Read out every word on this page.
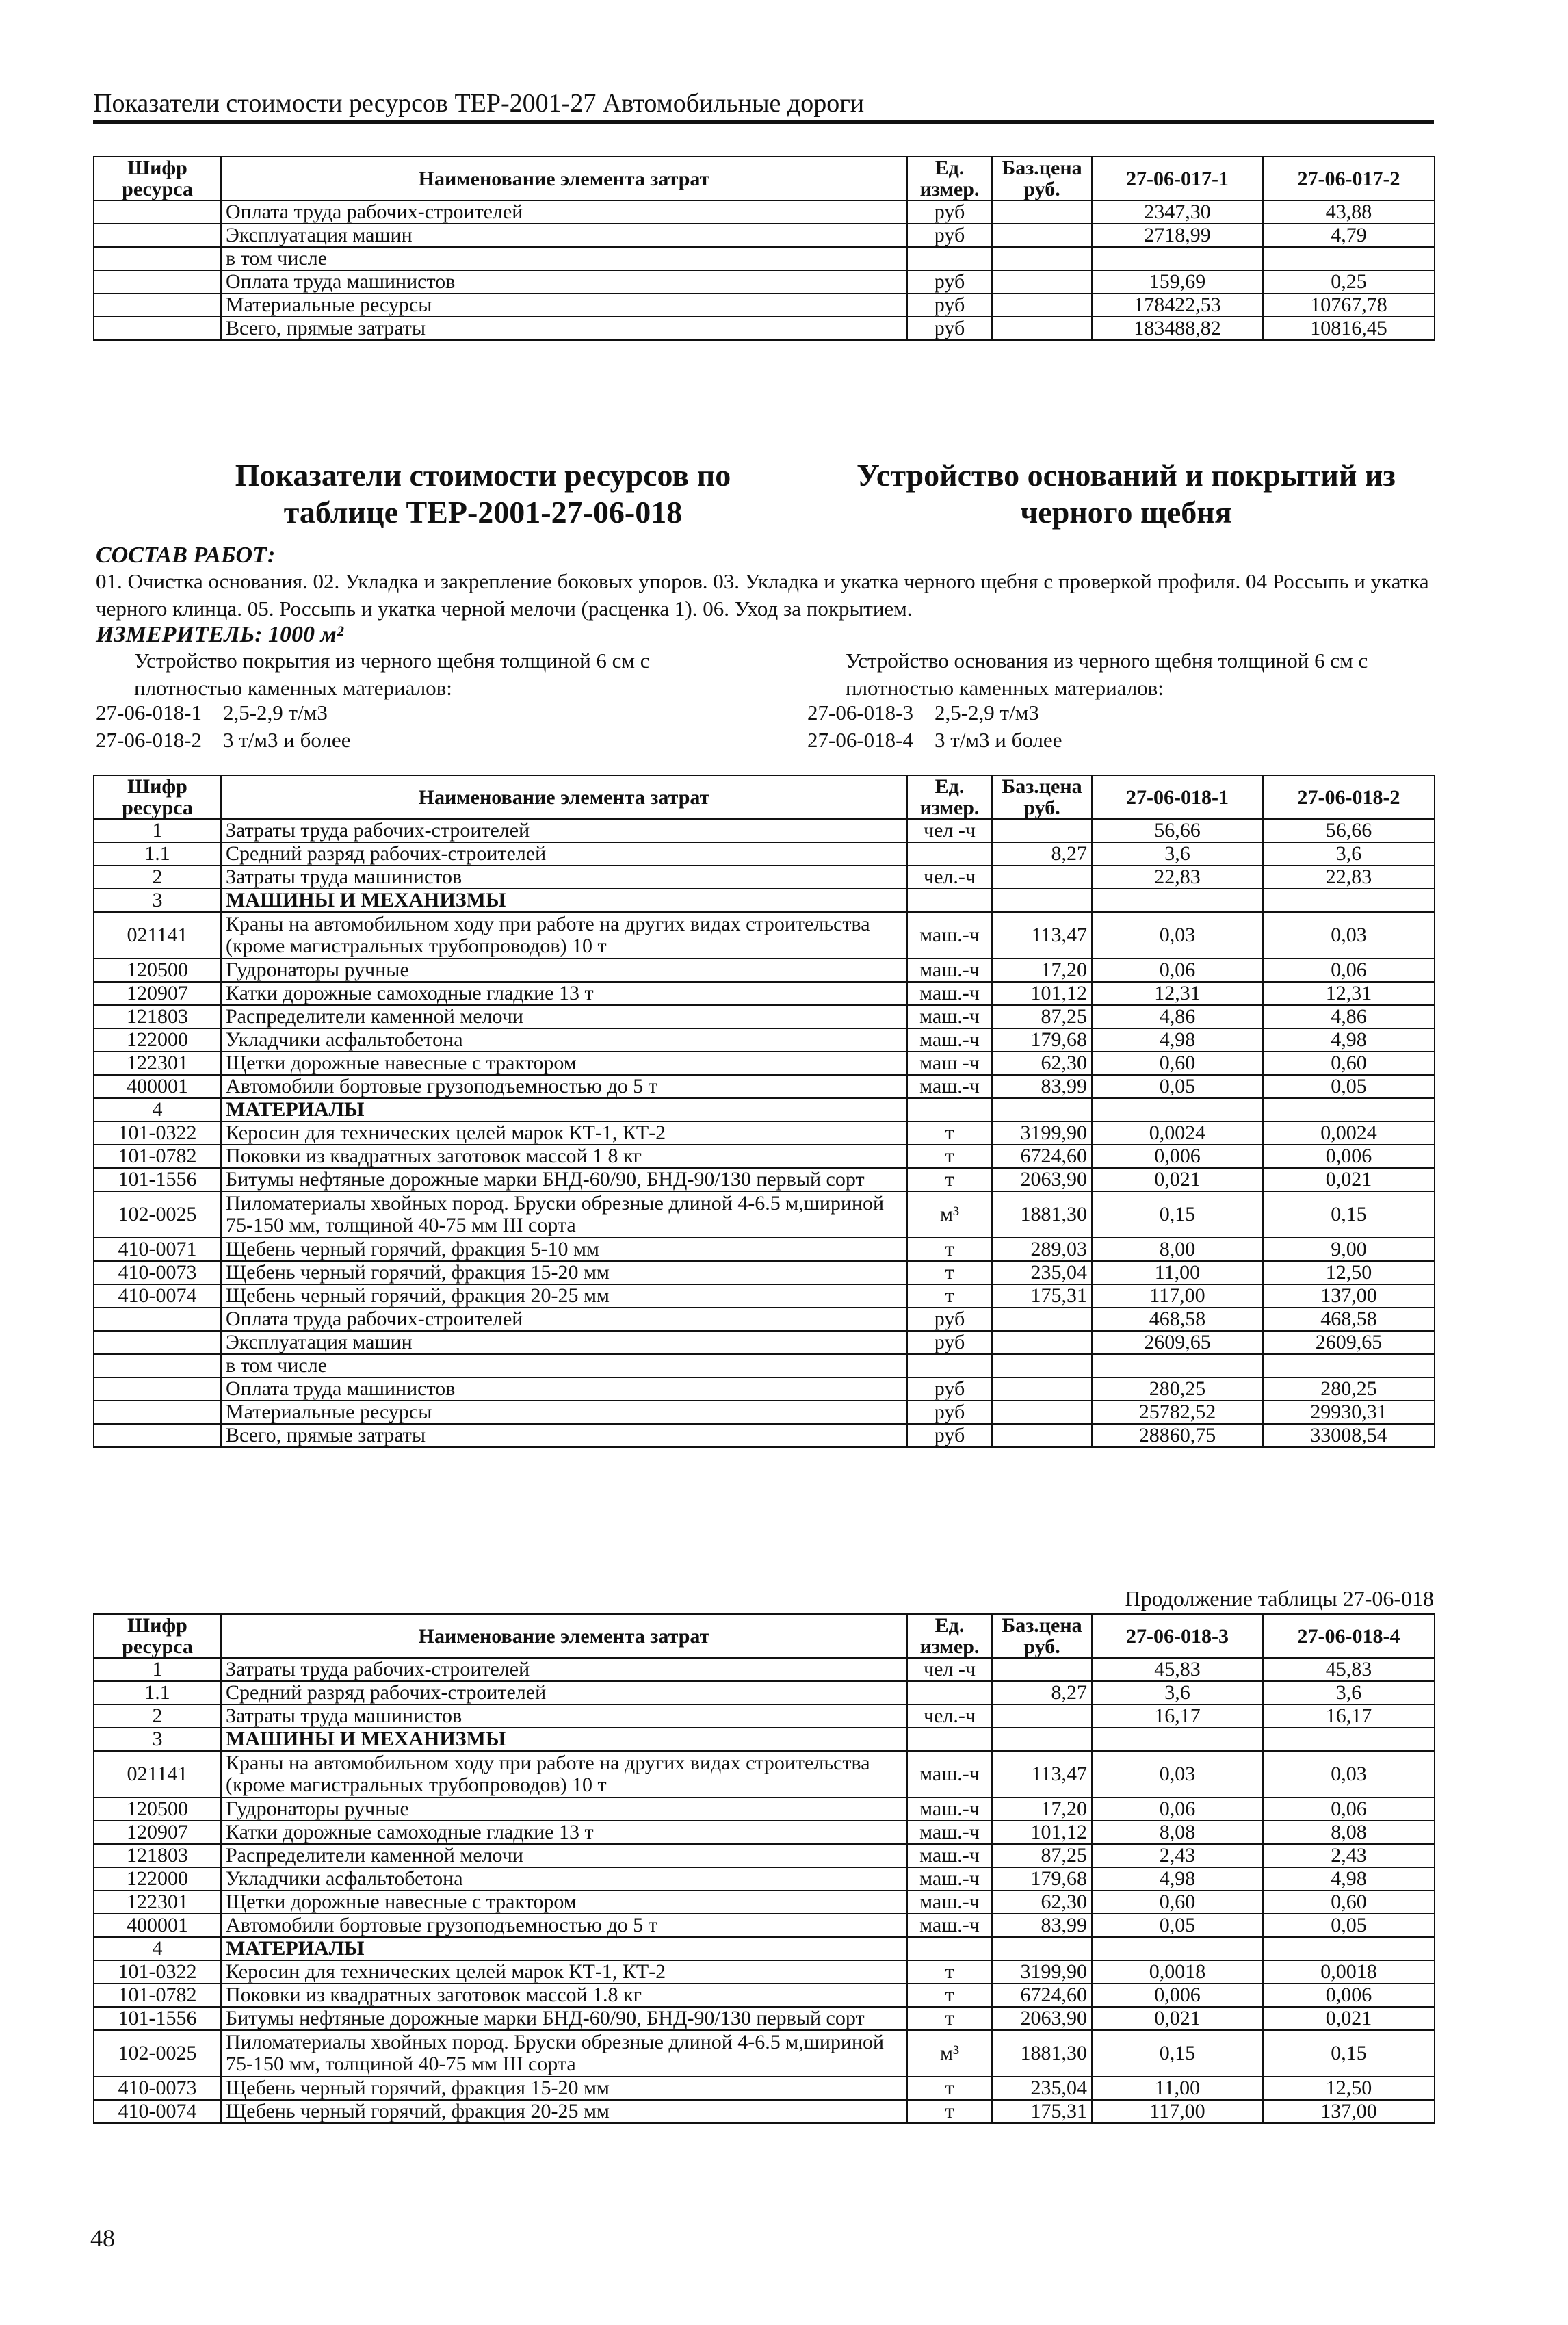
Показатели стоимости ресурсов ТЕР-2001-27 Автомобильные дороги
Шифр ресурса	Наименование элемента затрат	Ед. измер.	Баз.цена руб.	27-06-017-1	27-06-017-2
	Оплата труда рабочих-строителей	руб		2347,30	43,88
	Эксплуатация машин	руб		2718,99	4,79
	в том числе				
	Оплата труда машинистов	руб		159,69	0,25
	Материальные ресурсы	руб		178422,53	10767,78
	Всего, прямые затраты	руб		183488,82	10816,45
Показатели стоимости ресурсов по таблице ТЕР-2001-27-06-018
Устройство оснований и покрытий из черного щебня
СОСТАВ РАБОТ:
01. Очистка основания. 02. Укладка и закрепление боковых упоров. 03. Укладка и укатка черного щебня с проверкой профиля. 04 Россыпь и укатка черного клинца. 05. Россыпь и укатка черной мелочи (расценка 1). 06. Уход за покрытием.
ИЗМЕРИТЕЛЬ: 1000 м²
Устройство покрытия из черного щебня толщиной 6 см с плотностью каменных материалов:
Устройство основания из черного щебня толщиной 6 см с плотностью каменных материалов:
27-06-018-1 2,5-2,9 т/м3
27-06-018-2 3 т/м3 и более
27-06-018-3 2,5-2,9 т/м3
27-06-018-4 3 т/м3 и более
Шифр ресурса	Наименование элемента затрат	Ед. измер.	Баз.цена руб.	27-06-018-1	27-06-018-2
1	Затраты труда рабочих-строителей	чел -ч		56,66	56,66
1.1	Средний разряд рабочих-строителей		8,27	3,6	3,6
2	Затраты труда машинистов	чел.-ч		22,83	22,83
3	МАШИНЫ И МЕХАНИЗМЫ				
021141	Краны на автомобильном ходу при работе на других видах строительства (кроме магистральных трубопроводов) 10 т	маш.-ч	113,47	0,03	0,03
120500	Гудронаторы ручные	маш.-ч	17,20	0,06	0,06
120907	Катки дорожные самоходные гладкие 13 т	маш.-ч	101,12	12,31	12,31
121803	Распределители каменной мелочи	маш.-ч	87,25	4,86	4,86
122000	Укладчики асфальтобетона	маш.-ч	179,68	4,98	4,98
122301	Щетки дорожные навесные с трактором	маш -ч	62,30	0,60	0,60
400001	Автомобили бортовые грузоподъемностью до 5 т	маш.-ч	83,99	0,05	0,05
4	МАТЕРИАЛЫ				
101-0322	Керосин для технических целей марок КТ-1, КТ-2	т	3199,90	0,0024	0,0024
101-0782	Поковки из квадратных заготовок массой 1 8 кг	т	6724,60	0,006	0,006
101-1556	Битумы нефтяные дорожные марки БНД-60/90, БНД-90/130 первый сорт	т	2063,90	0,021	0,021
102-0025	Пиломатериалы хвойных пород. Бруски обрезные длиной 4-6.5 м,шириной 75-150 мм, толщиной 40-75 мм III сорта	м³	1881,30	0,15	0,15
410-0071	Щебень черный горячий, фракция 5-10 мм	т	289,03	8,00	9,00
410-0073	Щебень черный горячий, фракция 15-20 мм	т	235,04	11,00	12,50
410-0074	Щебень черный горячий, фракция 20-25 мм	т	175,31	117,00	137,00
	Оплата труда рабочих-строителей	руб		468,58	468,58
	Эксплуатация машин	руб		2609,65	2609,65
	в том числе				
	Оплата труда машинистов	руб		280,25	280,25
	Материальные ресурсы	руб		25782,52	29930,31
	Всего, прямые затраты	руб		28860,75	33008,54
Продолжение таблицы 27-06-018
Шифр ресурса	Наименование элемента затрат	Ед. измер.	Баз.цена руб.	27-06-018-3	27-06-018-4
1	Затраты труда рабочих-строителей	чел -ч		45,83	45,83
1.1	Средний разряд рабочих-строителей		8,27	3,6	3,6
2	Затраты труда машинистов	чел.-ч		16,17	16,17
3	МАШИНЫ И МЕХАНИЗМЫ				
021141	Краны на автомобильном ходу при работе на других видах строительства (кроме магистральных трубопроводов) 10 т	маш.-ч	113,47	0,03	0,03
120500	Гудронаторы ручные	маш.-ч	17,20	0,06	0,06
120907	Катки дорожные самоходные гладкие 13 т	маш.-ч	101,12	8,08	8,08
121803	Распределители каменной мелочи	маш.-ч	87,25	2,43	2,43
122000	Укладчики асфальтобетона	маш.-ч	179,68	4,98	4,98
122301	Щетки дорожные навесные с трактором	маш.-ч	62,30	0,60	0,60
400001	Автомобили бортовые грузоподъемностью до 5 т	маш.-ч	83,99	0,05	0,05
4	МАТЕРИАЛЫ				
101-0322	Керосин для технических целей марок КТ-1, КТ-2	т	3199,90	0,0018	0,0018
101-0782	Поковки из квадратных заготовок массой 1.8 кг	т	6724,60	0,006	0,006
101-1556	Битумы нефтяные дорожные марки БНД-60/90, БНД-90/130 первый сорт	т	2063,90	0,021	0,021
102-0025	Пиломатериалы хвойных пород. Бруски обрезные длиной 4-6.5 м,шириной 75-150 мм, толщиной 40-75 мм III сорта	м³	1881,30	0,15	0,15
410-0073	Щебень черный горячий, фракция 15-20 мм	т	235,04	11,00	12,50
410-0074	Щебень черный горячий, фракция 20-25 мм	т	175,31	117,00	137,00
48
